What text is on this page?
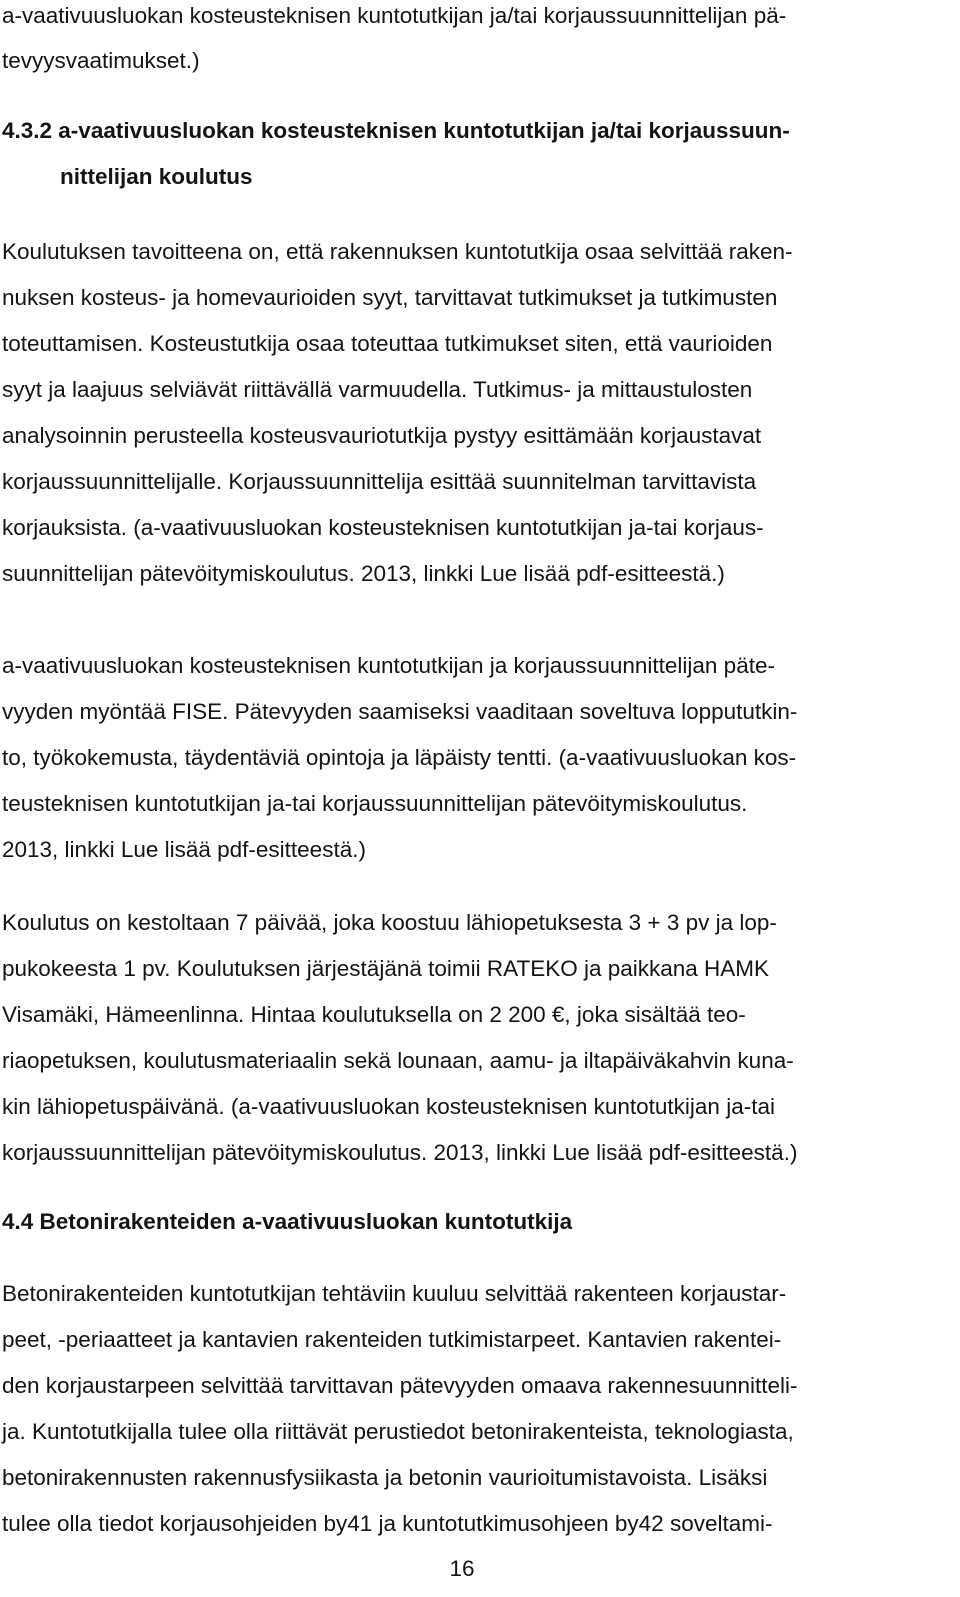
a-vaativuusluokan kosteusteknisen kuntotutkijan ja/tai korjaussuunnittelijan pä-
tevyysvaatimukset.)
4.3.2 a-vaativuusluokan kosteusteknisen kuntotutkijan ja/tai korjaussuun-
nittelijan koulutus
Koulutuksen tavoitteena on, että rakennuksen kuntotutkija osaa selvittää raken-
nuksen kosteus- ja homevaurioiden syyt, tarvittavat tutkimukset ja tutkimusten
toteuttamisen. Kosteustutkija osaa toteuttaa tutkimukset siten, että vaurioiden
syyt ja laajuus selviävät riittävällä varmuudella. Tutkimus- ja mittaustulosten
analysoinnin perusteella kosteusvauriotutkija pystyy esittämään korjaustavat
korjaussuunnittelijalle. Korjaussuunnittelija esittää suunnitelman tarvittavista
korjauksista. (a-vaativuusluokan kosteusteknisen kuntotutkijan ja-tai korjaus-
suunnittelijan pätevöitymiskoulutus. 2013, linkki Lue lisää pdf-esitteestä.)
a-vaativuusluokan kosteusteknisen kuntotutkijan ja korjaussuunnittelijan päte-
vyyden myöntää FISE. Pätevyyden saamiseksi vaaditaan soveltuva loppututkin-
to, työkokemusta, täydentäviä opintoja ja läpäisty tentti. (a-vaativuusluokan kos-
teusteknisen kuntotutkijan ja-tai korjaussuunnittelijan pätevöitymiskoulutus.
2013, linkki Lue lisää pdf-esitteestä.)
Koulutus on kestoltaan 7 päivää, joka koostuu lähiopetuksesta 3 + 3 pv ja lop-
pukokeesta 1 pv. Koulutuksen järjestäjänä toimii RATEKO ja paikkana HAMK
Visamäki, Hämeenlinna. Hintaa koulutuksella on 2 200 €, joka sisältää teo-
riaopetuksen, koulutusmateriaalin sekä lounaan, aamu- ja iltapäiväkahvin kuna-
kin lähiopetuspäivänä. (a-vaativuusluokan kosteusteknisen kuntotutkijan ja-tai
korjaussuunnittelijan pätevöitymiskoulutus. 2013, linkki Lue lisää pdf-esitteestä.)
4.4 Betonirakenteiden a-vaativuusluokan kuntotutkija
Betonirakenteiden kuntotutkijan tehtäviin kuuluu selvittää rakenteen korjaustar-
peet, -periaatteet ja kantavien rakenteiden tutkimistarpeet. Kantavien rakentei-
den korjaustarpeen selvittää tarvittavan pätevyyden omaava rakennesuunnitteli-
ja. Kuntotutkijalla tulee olla riittävät perustiedot betonirakenteista, teknologiasta,
betonirakennusten rakennusfysiikasta ja betonin vaurioitumistavoista. Lisäksi
tulee olla tiedot korjausohjeiden by41 ja kuntotutkimusohjeen by42 soveltami-
16
